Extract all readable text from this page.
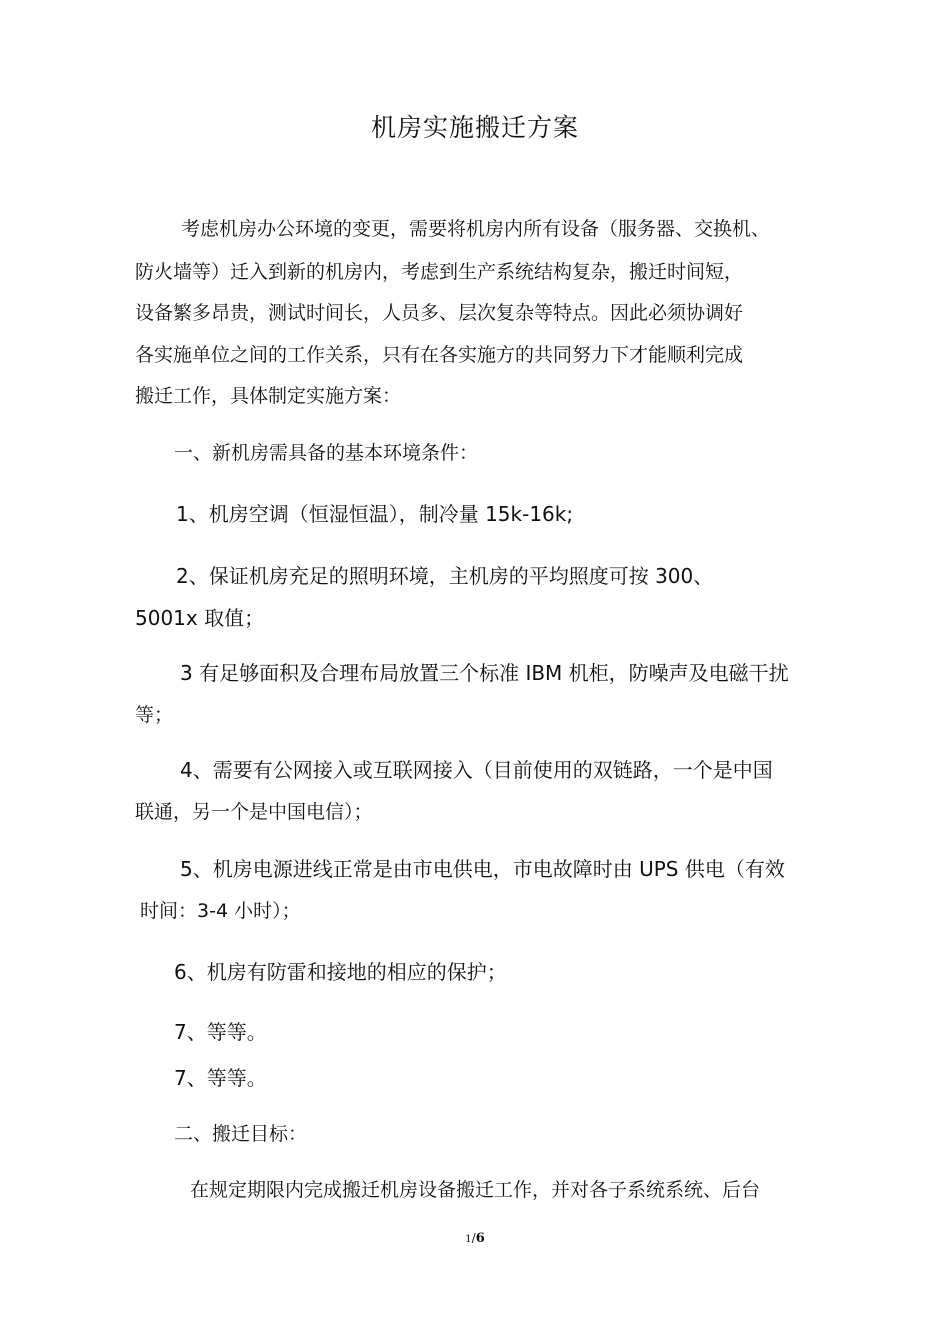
机房实施搬迁方案
考虑机房办公环境的变更，需要将机房内所有设备（服务器、交换机、
防火墙等）迁入到新的机房内，考虑到生产系统结构复杂，搬迁时间短，
设备繁多昂贵，测试时间长，人员多、层次复杂等特点。因此必须协调好
各实施单位之间的工作关系，只有在各实施方的共同努力下才能顺利完成
搬迁工作，具体制定实施方案：
一、新机房需具备的基本环境条件：
1、机房空调（恒湿恒温），制冷量 15k-16k;
2、保证机房充足的照明环境，主机房的平均照度可按 300、
5001x 取值；
3 有足够面积及合理布局放置三个标准 IBM 机柜，防噪声及电磁干扰
等；
4、需要有公网接入或互联网接入（目前使用的双链路，一个是中国
联通，另一个是中国电信）；
5、机房电源进线正常是由市电供电，市电故障时由 UPS 供电（有效
时间：3-4 小时）；
6、机房有防雷和接地的相应的保护；
7、等等。
7、等等。
二、搬迁目标：
在规定期限内完成搬迁机房设备搬迁工作，并对各子系统系统、后台
1/6
